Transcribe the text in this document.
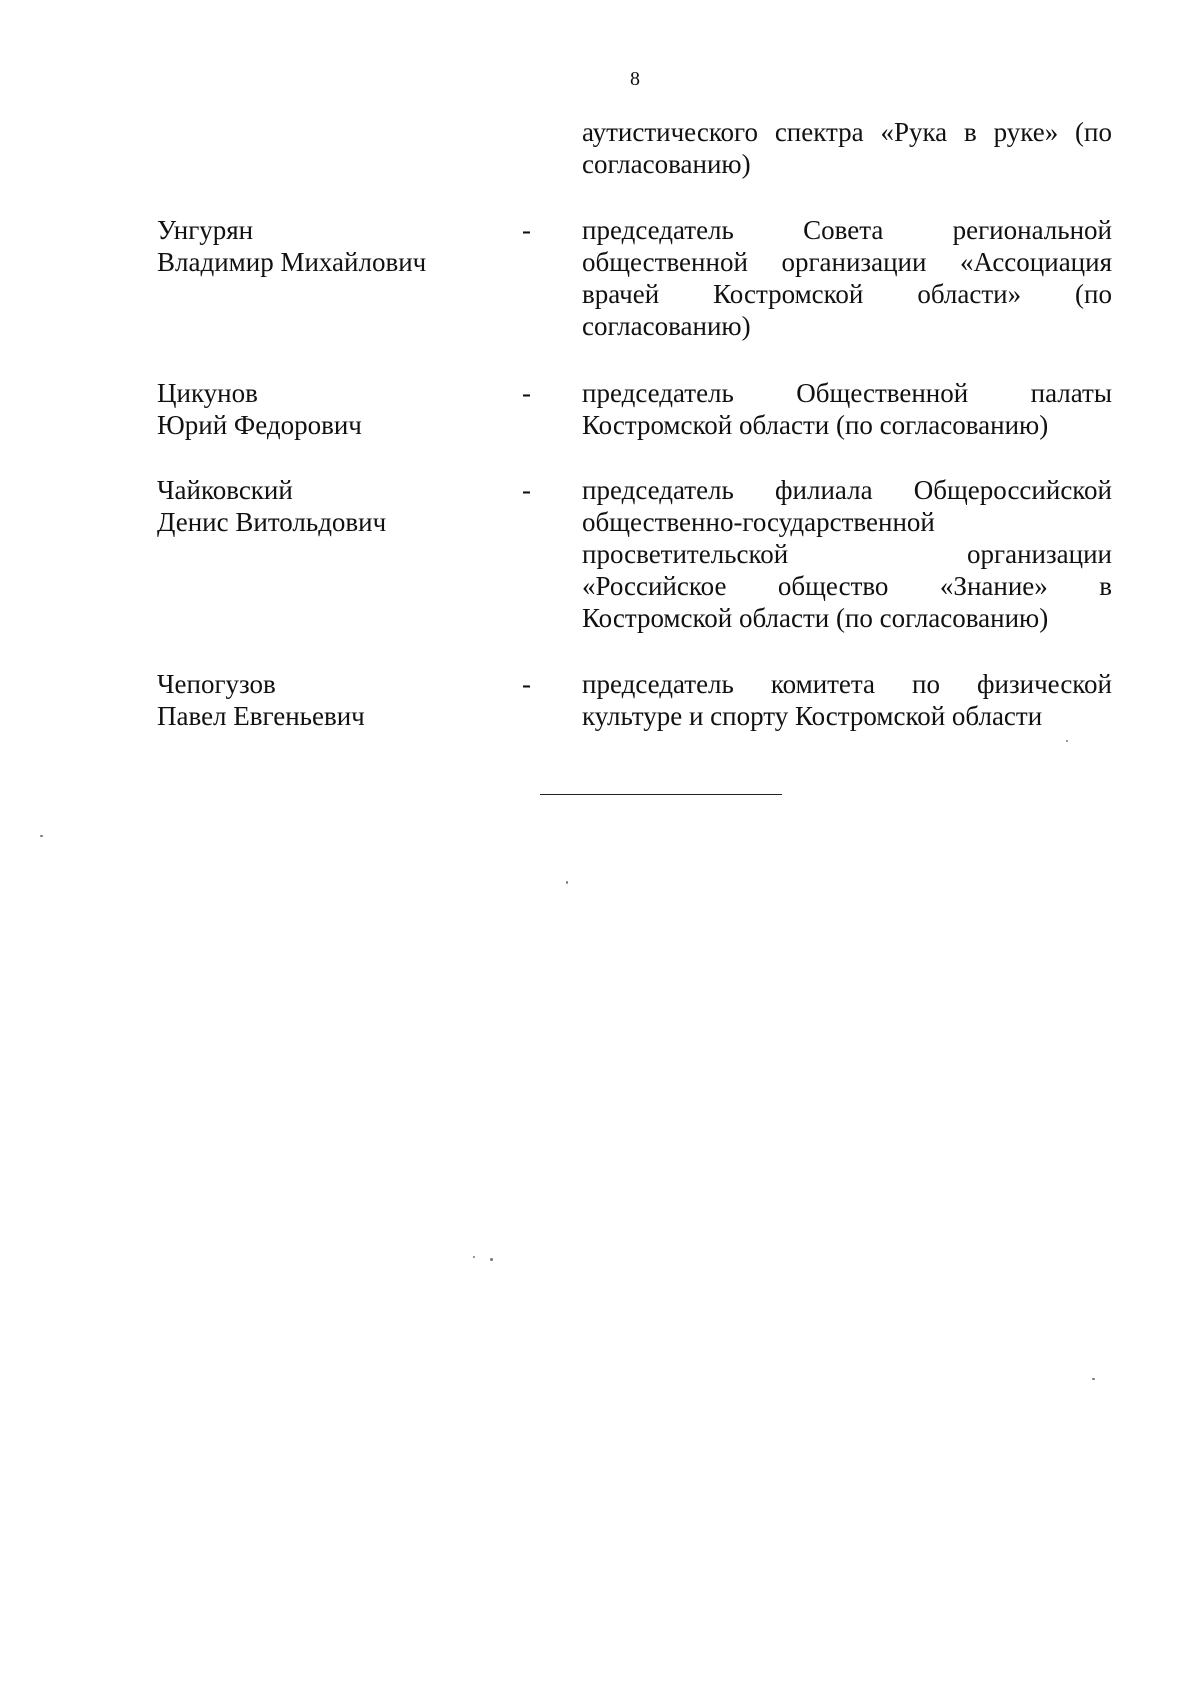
8
аутистического спектра «Рука в руке» (по
согласованию)
Унгурян
Владимир Михайлович
- председатель Совета региональной
общественной организации «Ассоциация
врачей Костромской области» (по
согласованию)
Цикунов
Юрий Федорович
- председатель Общественной палаты
Костромской области (по согласованию)
Чайковский
Денис Витольдович
- председатель филиала Общероссийской
общественно-государственной
просветительской организации
«Российское общество «Знание» в
Костромской области (по согласованию)
Чепогузов
Павел Евгеньевич
- председатель комитета по физической
культуре и спорту Костромской области
